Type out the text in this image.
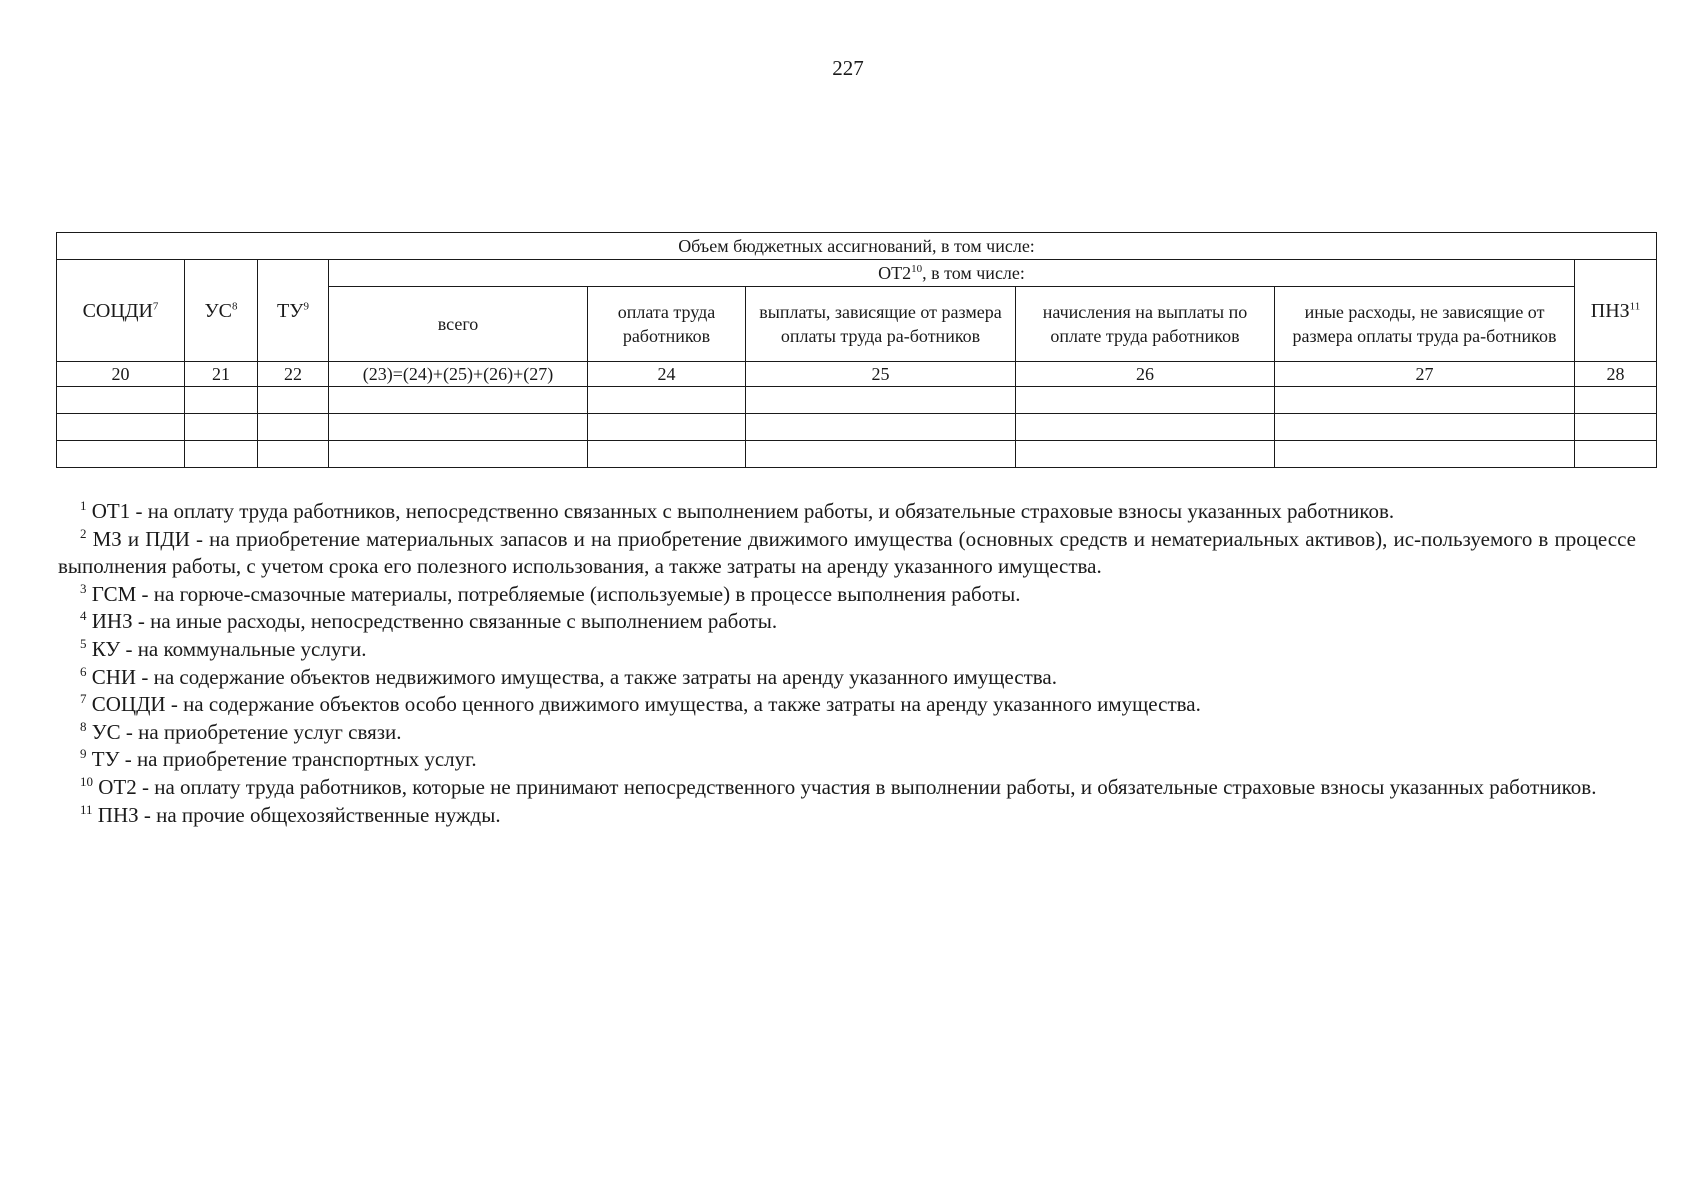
227
Объем бюджетных ассигнований, в том числе:								
СОЦДИ$^7$	$УС^8$	$ТУ^9$	$ОТ2^{10}$, в том числе:					ПНЗ$^{11}$
			всего	оплата труда работников	выплаты, зависящие от размера оплаты труда ра-ботников	начисления на выплаты по оплате труда работников	иные расходы, не зависящие от размера оплаты труда ра-ботников	
20	21	22	(23)=(24)+(25)+(26)+(27)	24	25	26	27	28

$^1$ ОТ1 - на оплату труда работников, непосредственно связанных с выполнением работы, и обязательные страховые взносы указанных работников.

$^2$ МЗ и ПДИ - на приобретение материальных запасов и на приобретение движимого имущества (основных средств и нематериальных активов), ис-пользуемого в процессе выполнения работы, с учетом срока его полезного использования, а также затраты на аренду указанного имущества.

$^3$ ГСМ - на горюче-смазочные материалы, потребляемые (используемые) в процессе выполнения работы.

$^4$ ИНЗ - на иные расходы, непосредственно связанные с выполнением работы.

$^5$ КУ - на коммунальные услуги.

$^6$ СНИ - на содержание объектов недвижимого имущества, а также затраты на аренду указанного имущества.

$^7$ СОЦДИ - на содержание объектов особо ценного движимого имущества, а также затраты на аренду указанного имущества.

$^8$ УС - на приобретение услуг связи.

$^9$ ТУ - на приобретение транспортных услуг.

$^{10}$ ОТ2 - на оплату труда работников, которые не принимают непосредственного участия в выполнении работы, и обязательные страховые взносы указанных работников.

$^{11}$ ПНЗ - на прочие общехозяйственные нужды.
